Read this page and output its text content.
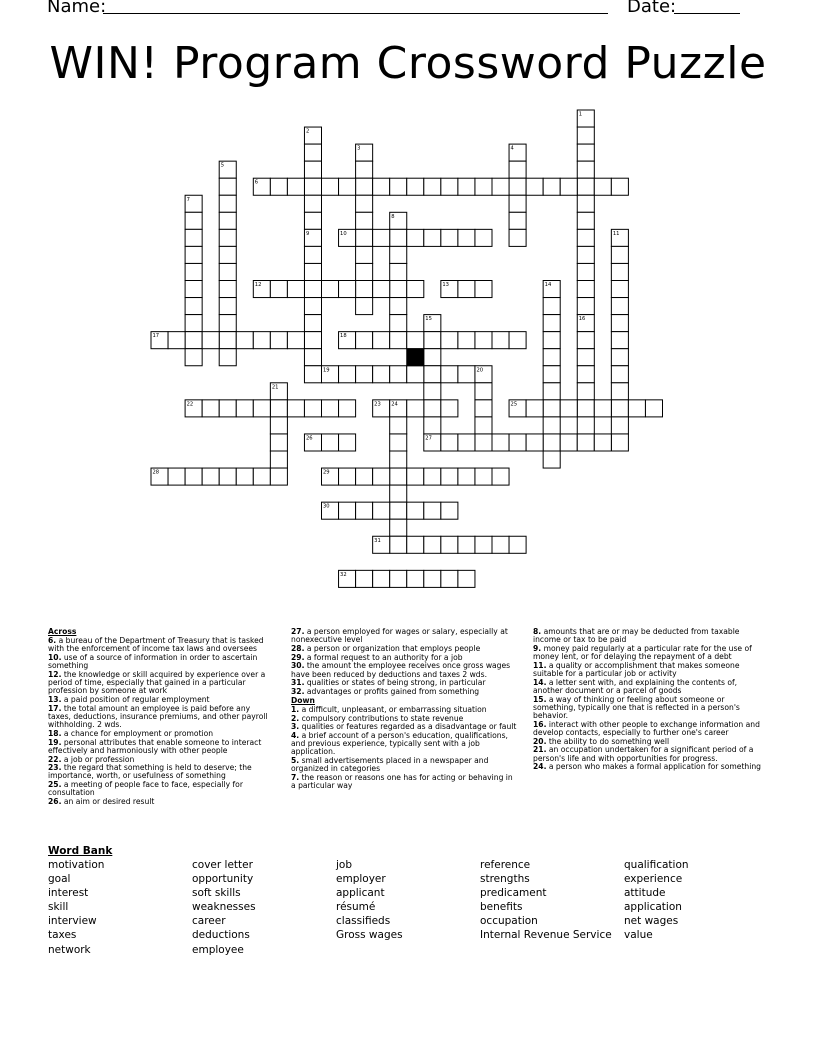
Name:	Date:
WIN! Program Crossword Puzzle
1
2
3	4
5
6
7
8
9	10	11
12	13	14
15	16
17	18
19	20
21
22	23 24	25
26	27
28	29
30
31
32
Across
6. a bureau of the Department of Treasury that is tasked with the enforcement of income tax laws and oversees
10. use of a source of information in order to ascertain something
12. the knowledge or skill acquired by experience over a period of time, especially that gained in a particular profession by someone at work
13. a paid position of regular employment
17. the total amount an employee is paid before any taxes, deductions, insurance premiums, and other payroll withholding. 2 wds.
18. a chance for employment or promotion
19. personal attributes that enable someone to interact effectively and harmoniously with other people
22. a job or profession
23. the regard that something is held to deserve; the importance, worth, or usefulness of something
25. a meeting of people face to face, especially for consultation
26. an aim or desired result
27. a person employed for wages or salary, especially at nonexecutive level
28. a person or organization that employs people
29. a formal request to an authority for a job
30. the amount the employee receives once gross wages have been reduced by deductions and taxes 2 wds.
31. qualities or states of being strong, in particular
32. advantages or profits gained from something
Down
1. a difficult, unpleasant, or embarrassing situation
2. compulsory contributions to state revenue
3. qualities or features regarded as a disadvantage or fault
4. a brief account of a person's education, qualifications, and previous experience, typically sent with a job application.
5. small advertisements placed in a newspaper and organized in categories
7. the reason or reasons one has for acting or behaving in a particular way
8. amounts that are or may be deducted from taxable income or tax to be paid
9. money paid regularly at a particular rate for the use of money lent, or for delaying the repayment of a debt
11. a quality or accomplishment that makes someone suitable for a particular job or activity
14. a letter sent with, and explaining the contents of, another document or a parcel of goods
15. a way of thinking or feeling about someone or something, typically one that is reflected in a person's behavior.
16. interact with other people to exchange information and develop contacts, especially to further one's career
20. the ability to do something well
21. an occupation undertaken for a significant period of a person's life and with opportunities for progress.
24. a person who makes a formal application for something
Word Bank
motivation
goal
interest
skill
interview
taxes
network
cover letter
opportunity
soft skills
weaknesses
career
deductions
employee
job
employer
applicant
résumé
classifieds
Gross wages
reference
strengths
predicament
benefits
occupation
Internal Revenue Service
qualification
experience
attitude
application
net wages
value
